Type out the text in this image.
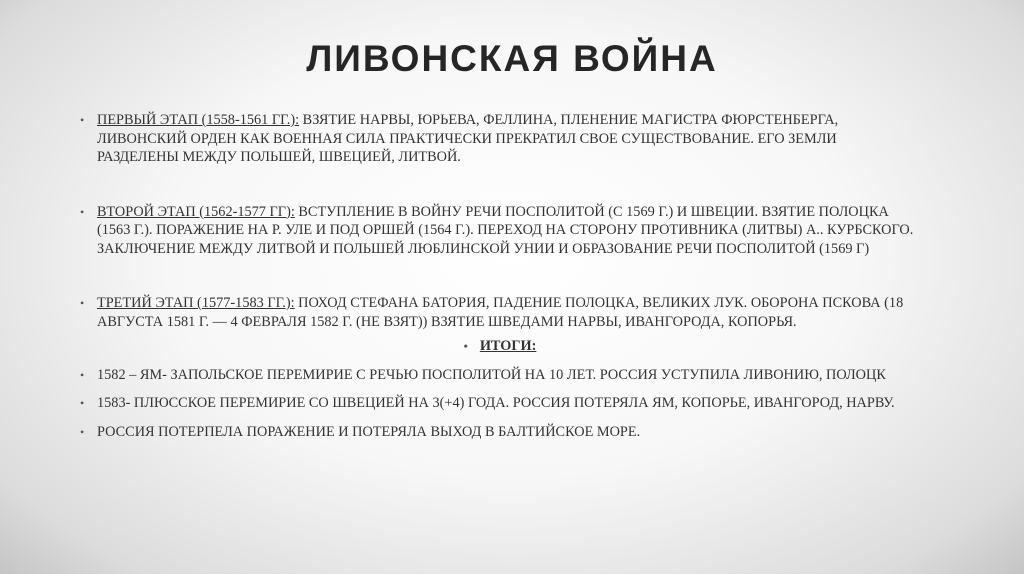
ЛИВОНСКАЯ ВОЙНА
• ПЕРВЫЙ ЭТАП (1558-1561 ГГ.): ВЗЯТИЕ НАРВЫ, ЮРЬЕВА, ФЕЛЛИНА, ПЛЕНЕНИЕ МАГИСТРА ФЮРСТЕНБЕРГА, ЛИВОНСКИЙ ОРДЕН КАК ВОЕННАЯ СИЛА ПРАКТИЧЕСКИ ПРЕКРАТИЛ СВОЕ СУЩЕСТВОВАНИЕ. ЕГО ЗЕМЛИ РАЗДЕЛЕНЫ МЕЖДУ ПОЛЬШЕЙ, ШВЕЦИЕЙ, ЛИТВОЙ.
• ВТОРОЙ ЭТАП (1562-1577 ГГ): ВСТУПЛЕНИЕ В ВОЙНУ РЕЧИ ПОСПОЛИТОЙ (С 1569 Г.) И ШВЕЦИИ. ВЗЯТИЕ ПОЛОЦКА (1563 Г.). ПОРАЖЕНИЕ НА Р. УЛЕ И ПОД ОРШЕЙ (1564 Г.). ПЕРЕХОД НА СТОРОНУ ПРОТИВНИКА (ЛИТВЫ) А.. КУРБСКОГО. ЗАКЛЮЧЕНИЕ МЕЖДУ ЛИТВОЙ И ПОЛЬШЕЙ ЛЮБЛИНСКОЙ УНИИ И ОБРАЗОВАНИЕ РЕЧИ ПОСПОЛИТОЙ (1569 Г)
• ТРЕТИЙ ЭТАП (1577-1583 ГГ.): ПОХОД СТЕФАНА БАТОРИЯ, ПАДЕНИЕ ПОЛОЦКА, ВЕЛИКИХ ЛУК. ОБОРОНА ПСКОВА (18 АВГУСТА 1581 Г. — 4 ФЕВРАЛЯ 1582 Г. (НЕ ВЗЯТ)) ВЗЯТИЕ ШВЕДАМИ НАРВЫ, ИВАНГОРОДА, КОПОРЬЯ.
• ИТОГИ:
• 1582 – ЯМ- ЗАПОЛЬСКОЕ ПЕРЕМИРИЕ С РЕЧЬЮ ПОСПОЛИТОЙ НА 10 ЛЕТ. РОССИЯ УСТУПИЛА ЛИВОНИЮ, ПОЛОЦК
• 1583- ПЛЮССКОЕ ПЕРЕМИРИЕ СО ШВЕЦИЕЙ НА 3(+4) ГОДА. РОССИЯ ПОТЕРЯЛА ЯМ, КОПОРЬЕ, ИВАНГОРОД, НАРВУ.
• РОССИЯ ПОТЕРПЕЛА ПОРАЖЕНИЕ И ПОТЕРЯЛА ВЫХОД В БАЛТИЙСКОЕ МОРЕ.
